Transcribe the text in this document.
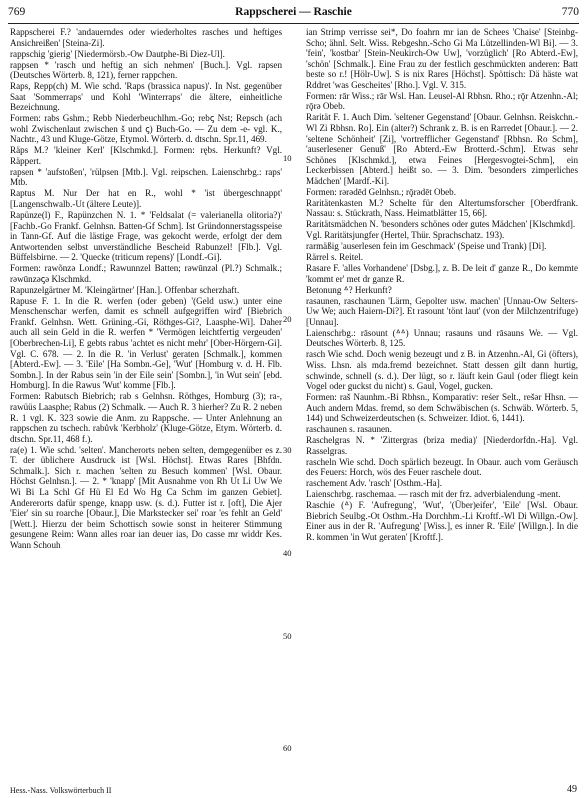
769	Rappscherei — Raschie	770

Rappscherei F.? 'andauerndes oder wiederholtes rasches und heftiges Ansichreißen' [Steina-Zi].

rappschig 'gierig' [Niedermörsb.-Ow Dautphe-Bi Diez-Ul].

rappsen * 'rasch und heftig an sich nehmen' [Buch.]. Vgl. rapsen (Deutsches Wörterb. 8, 121), ferner rappchen.

Raps, Repp(ch) M. Wie schd. 'Raps (brassica napus)'. In Nst. gegenüber Saat 'Sommerraps' und Kohl 'Winterraps' die ältere, einheitliche Bezeichnung.

Formen: rabs Gshm.; Rebb Niederbeuchlhm.-Go; rebꞔ Nst; Repsch (ach wohl Zwischenlaut zwischen š und ꞔ) Buch-Go. — Zu dem -e- vgl. K., Nachtr., 43 und Kluge-Götze, Etymol. Wörterb. d. dtschn. Spr.11, 469.

Räps M.? 'kleiner Kerl' [Klschmkd.]. Formen: rębs. Herkunft? Vgl. Räppert.

rapsen * 'aufstoßen', 'rülpsen [Mtb.]. Vgl. reipschen. Laienschrbg.: raps' Mtb.

Raptus M. Nur Der hat en R., wohl * 'ist übergeschnappt' [Langenschwalb.-Ut (ältere Leute)].

Rapünze(l) F., Rapünzchen N. 1. * 'Feldsalat (= valerianella olitoria?)' [Fachb.-Go Frankf. Gelnhsn. Batten-Gf Schm]. Ist Gründonnerstagsspeise in Tann-Gf. Auf die lästige Frage, was gekocht werde, erfolgt der dem Antwortenden selbst unverständliche Bescheid Rabunzel! [Flb.]. Vgl. Büffelsbirne. — 2. 'Quecke (triticum repens)' [Londf.-Gi].

Formen: rawõnzə Londf.; Rawunnzel Batten; rəwūnzəl (Pl.?) Schmalk.; rəwūnzəꞔə Klschmkd.

Rapunzelgärtner M. 'Kleingärtner' [Han.]. Offenbar scherzhaft.

Rapuse F. 1. In die R. werfen (oder geben) '(Geld usw.) unter eine Menschenschar werfen, damit es schnell aufgegriffen wird' [Biebrich Frankf. Gelnhsn. Wett. Grüning.-Gi, Röthges-Gi?, Laasphe-Wi]. Daher auch all sein Geld in die R. werfen * 'Vermögen leichtfertig vergeuden' [Oberbrechen-Li], E gebts rabus 'achtet es nicht mehr' [Ober-Hörgern-Gi]. Vgl. C. 678. — 2. In die R. 'in Verlust' geraten [Schmalk.], kommen [Abterd.-Ew]. — 3. 'Eile' [Ha Sombn.-Ge], 'Wut' [Homburg v. d. H. Flb. Sombn.]. In der Rabus sein 'in der Eile sein' [Sombn.], 'in Wut sein' [ebd. Homburg]. In die Rawus 'Wut' komme [Flb.].

Formen: Rabutsch Biebrich; rab s Gelnhsn. Röthges, Homburg (3); ra-, rawüüs Laasphe; Rabus (2) Schmalk. — Auch R. 3 hierher? Zu R. 2 neben R. 1 vgl. K. 323 sowie die Anm. zu Rappsche. — Unter Anlehnung an rappschen zu tschech. rabůvk 'Kerbholz' (Kluge-Götze, Etym. Wörterb. d. dtschn. Spr.11, 468 f.).

ra(e) 1. Wie schd. 'selten'. Mancherorts neben selten, demgegenüber es z. T. der üblichere Ausdruck ist [Wsl. Höchst]. Etwas Rares [Bhfdn. Schmalk.]. Sich r. machen 'selten zu Besuch kommen' [Wsl. Obaur. Höchst Gelnhsn.]. — 2. * 'knapp' [Mit Ausnahme von Rh Ut Li Uw We Wi Bi La Schl Gf Hü El Ed Wo Hg Ca Schm im ganzen Gebiet]. Andererorts dafür spenge, knapp usw. (s. d.). Futter ist r. [oft], Die Ajer 'Eier' sin su roarche [Obaur.], Die Markstecker sei' roar 'es fehlt an Geld' [Wett.]. Hierzu der beim Schottisch sowie sonst in heiterer Stimmung gesungene Reim: Wann alles roar ian deuer ias, Do casse mr widdr Kes. Wann Schouh

10
20
30
40
50
60

ian Strimp verrisse sei*, Do foahrn mr ian de Schees 'Chaise' [Steinbg-Scho; ähnl. Selt. Wiss. Rebgeshn.-Scho Gi Ma Lützellinden-Wl Bi]. — 3. 'fein', 'kostbar' [Stein-Neukirch-Ow Uw], 'vorzüglich' [Ro Abterd.-Ew], 'schön' [Schmalk.]. Eine Frau zu der festlich geschmückten anderen: Batt beste so r.! [Hölr-Uw]. S is nix Rares [Höchst]. Spöttisch: Dä häste wat Rddret 'was Gescheites' [Rho.]. Vgl. V. 315.

Formen: rār Wiss.; rār Wsl. Han. Leusel-Al Rbhsn. Rho.; rǭr Atzenhn.-Al; rǭrə Obeb.

Rarität F. 1. Auch Dim. 'seltener Gegenstand' [Obaur. Gelnhsn. Reiskchn.-Wl Zi Rbhsn. Ro]. Ein (alter?) Schrank z. B. is en Rarredet [Obaur.]. — 2. 'seltene Schönheit' [Zi], 'vortrefflicher Gegenstand' [Rbhsn. Ro Schm], 'auserlesener Genuß' [Ro Abterd.-Ew Brotterd.-Schm]. Etwas sehr Schönes [Klschmkd.], etwa Feines [Hergesvogtei-Schm], ein Leckerbissen [Abterd.] heißt so. — 3. Dim. 'besonders zimperliches Mädchen' [Mardf.-Ki].

Formen: rərədēd Gelnhsn.; rǭrədēt Obeb.

Raritätenkasten M.? Schelte für den Altertumsforscher [Oberdfrank. Nassau: s. Stückrath, Nass. Heimatblätter 15, 66].

Raritätsmädchen N. 'besonders schönes oder gutes Mädchen' [Klschmkd].

Vgl. Raritätsjungfer (Hertel, Thür. Sprachschatz. 193).

rarmäßig 'auserlesen fein im Geschmack' (Speise und Trank) [Di].

Rärrel s. Reitel.

Rasare F. 'alles Vorhandene' [Dsbg.], z. B. De leit d' ganze R., Do kemmte 'kommt er' met dr ganze R.

Betonung ᐞ? Herkunft?

rasaunen, raschaunen 'Lärm, Gepolter usw. machen' [Unnau-Ow Selters-Uw We; auch Haiern-Di?]. Et rasount 'tönt laut' (von der Milchzentrifuge) [Unnau].

Laienschrbg.: rāsount (ᐞᐞ) Unnau; rasauns und rāsauns We. — Vgl. Deutsches Wörterb. 8, 125.

rasch Wie schd. Doch wenig bezeugt und z B. in Atzenhn.-Al, Gi (öfters), Wiss. Lhsn. als mda.fremd bezeichnet. Statt dessen gilt dann hurtig, schwinde, schnell (s. d.). Der lügt, so r. läuft kein Gaul (oder fliegt kein Vogel oder guckst du nicht) s. Gaul, Vogel, gucken.

Formen: raš Naunhm.-Bi Rbhsn., Komparativ: reśer Selt., rešər Hhsn. — Auch andern Mdas. fremd, so dem Schwäbischen (s. Schwäb. Wörterb. 5, 144) und Schweizerdeutschen (s. Schweizer. Idiot. 6, 1441).

raschaunen s. rasaunen.

Raschelgras N. * 'Zittergras (briza media)' [Niederdorfdn.-Ha]. Vgl. Rasselgras.

rascheln Wie schd. Doch spärlich bezeugt. In Obaur. auch vom Geräusch des Feuers: Horch, wös des Feuer raschele dout.

raschement Adv. 'rasch' [Osthm.-Ha].

Laienschrbg. raschemaa. — rasch mit der frz. adverbialendung -ment.

Raschie (ᐞ) F. 'Aufregung', 'Wut', '(Über)eifer', 'Eile' [Wsl. Obaur. Biebrich Seulbg.-Ot Osthm.-Ha Dorchhm.-Li Kroftf.-Wl Di Willgn.-Ow]. Einer aus in der R. 'Aufregung' [Wiss.], es inner R. 'Eile' [Willgn.]. In die R. kommen 'in Wut geraten' [Kroftf.].

Hess.-Nass. Volkswörterbuch II	49
